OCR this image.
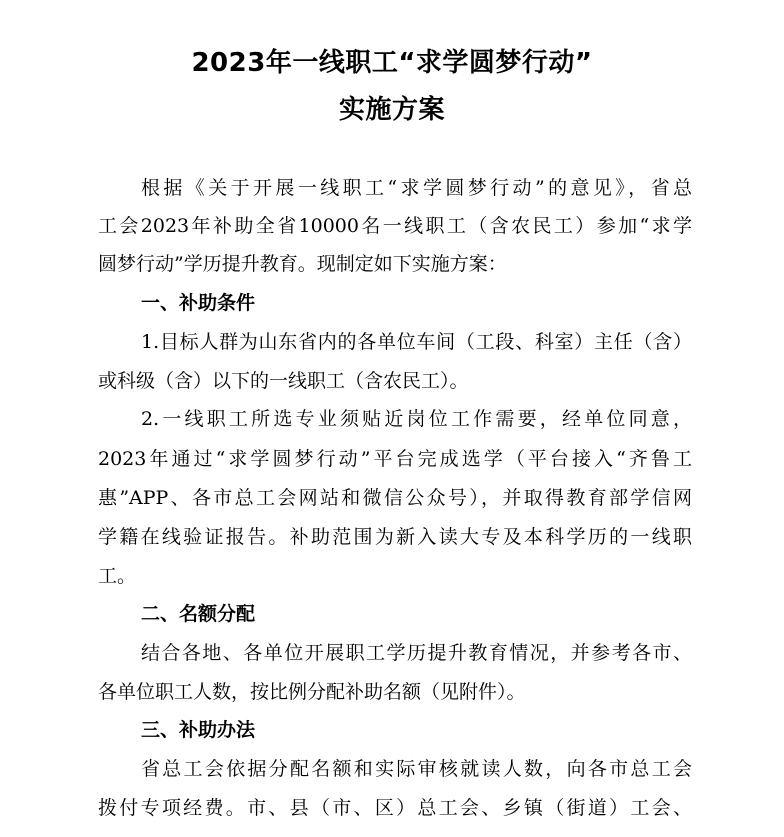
2023年一线职工“求学圆梦行动”
实施方案
根据《关于开展一线职工“求学圆梦行动”的意见》，省总
工会2023年补助全省10000名一线职工（含农民工）参加“求学
圆梦行动”学历提升教育。现制定如下实施方案：
一、补助条件
1.目标人群为山东省内的各单位车间（工段、科室）主任（含）
或科级（含）以下的一线职工（含农民工）。
2.一线职工所选专业须贴近岗位工作需要，经单位同意，
2023年通过“求学圆梦行动”平台完成选学（平台接入“齐鲁工
惠”APP、各市总工会网站和微信公众号），并取得教育部学信网
学籍在线验证报告。补助范围为新入读大专及本科学历的一线职
工。
二、名额分配
结合各地、各单位开展职工学历提升教育情况，并参考各市、
各单位职工人数，按比例分配补助名额（见附件）。
三、补助办法
省总工会依据分配名额和实际审核就读人数，向各市总工会
拨付专项经费。市、县（市、区）总工会、乡镇（街道）工会、
